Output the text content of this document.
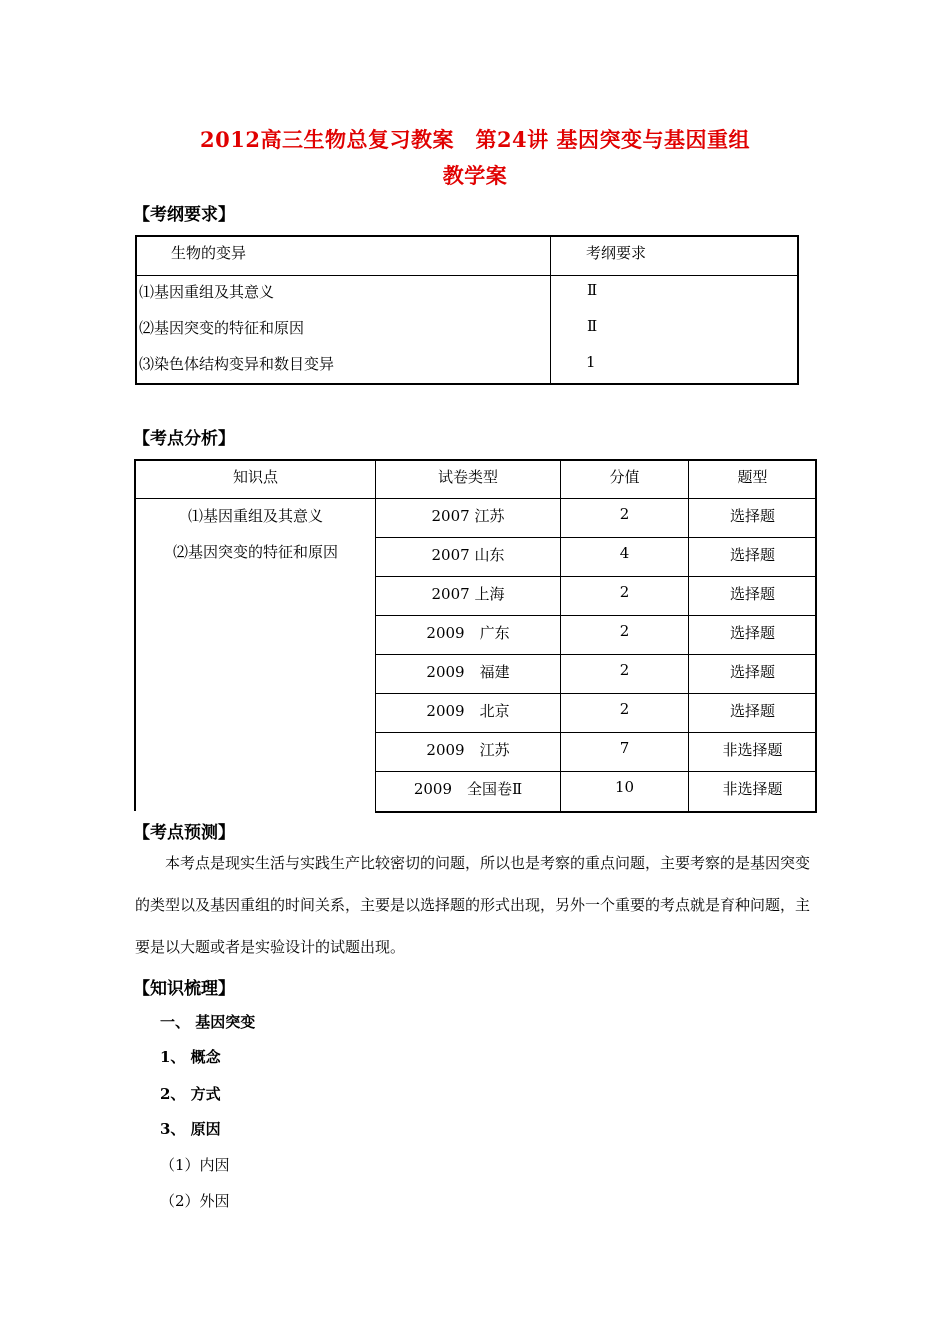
2012高三生物总复习教案　第24讲 基因突变与基因重组
教学案
【考纲要求】
生物的变异	考纲要求
⑴基因重组及其意义	Ⅱ
⑵基因突变的特征和原因	Ⅱ
⑶染色体结构变异和数目变异	1
【考点分析】
知识点	试卷类型	分值	题型
⑴基因重组及其意义
⑵基因突变的特征和原因
2007 江苏	2	选择题
2007 山东	4	选择题
2007 上海	2	选择题
2009　广东	2	选择题
2009　福建	2	选择题
2009　北京	2	选择题
2009　江苏	7	非选择题
2009　全国卷Ⅱ	10	非选择题
【考点预测】
本考点是现实生活与实践生产比较密切的问题，所以也是考察的重点问题，主要考察的是基因突变的类型以及基因重组的时间关系，主要是以选择题的形式出现，另外一个重要的考点就是育种问题，主要是以大题或者是实验设计的试题出现。
【知识梳理】
一、 基因突变
1、 概念
2、 方式
3、 原因
（1）内因
（2）外因
